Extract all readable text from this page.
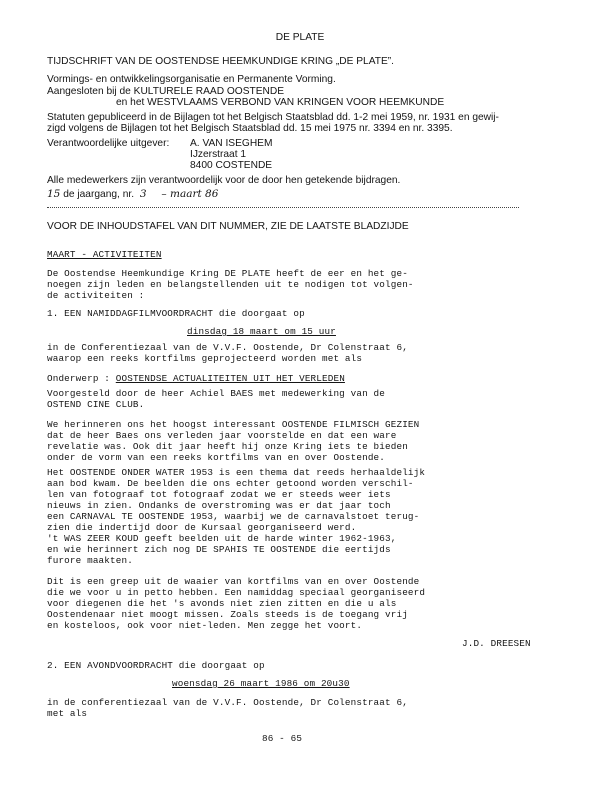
DE PLATE
TIJDSCHRIFT VAN DE OOSTENDSE HEEMKUNDIGE KRING „DE PLATE”.
Vormings- en ontwikkelingsorganisatie en Permanente Vorming.
Aangesloten bij de KULTURELE RAAD OOSTENDE
en het WESTVLAAMS VERBOND VAN KRINGEN VOOR HEEMKUNDE
Statuten gepubliceerd in de Bijlagen tot het Belgisch Staatsblad dd. 1-2 mei 1959, nr. 1931 en gewij-
zigd volgens de Bijlagen tot het Belgisch Staatsblad dd. 15 mei 1975 nr. 3394 en nr. 3395.
Verantwoordelijke uitgever: A. VAN ISEGHEM
IJzerstraat 1
8400 COSTENDE
Alle medewerkers zijn verantwoordelijk voor de door hen getekende bijdragen.
15 de jaargang, nr. 3 – maart 86
VOOR DE INHOUDSTAFEL VAN DIT NUMMER, ZIE DE LAATSTE BLADZIJDE
MAART - ACTIVITEITEN
De Oostendse Heemkundige Kring DE PLATE heeft de eer en het ge-
noegen zijn leden en belangstellenden uit te nodigen tot volgen-
de activiteiten :
1. EEN NAMIDDAGFILMVOORDRACHT die doorgaat op
dinsdag 18 maart om 15 uur
in de Conferentiezaal van de V.V.F. Oostende, Dr Colenstraat 6,
waarop een reeks kortfilms geprojecteerd worden met als
Onderwerp : OOSTENDSE ACTUALITEITEN UIT HET VERLEDEN
Voorgesteld door de heer Achiel BAES met medewerking van de
OSTEND CINE CLUB.
We herinneren ons het hoogst interessant OOSTENDE FILMISCH GEZIEN
dat de heer Baes ons verleden jaar voorstelde en dat een ware
revelatie was. Ook dit jaar heeft hij onze Kring iets te bieden
onder de vorm van een reeks kortfilms van en over Oostende.
Het OOSTENDE ONDER WATER 1953 is een thema dat reeds herhaaldelijk
aan bod kwam. De beelden die ons echter getoond worden verschil-
len van fotograaf tot fotograaf zodat we er steeds weer iets
nieuws in zien. Ondanks de overstroming was er dat jaar toch
een CARNAVAL TE OOSTENDE 1953, waarbij we de carnavalstoet terug-
zien die indertijd door de Kursaal georganiseerd werd.
't WAS ZEER KOUD geeft beelden uit de harde winter 1962-1963,
en wie herinnert zich nog DE SPAHIS TE OOSTENDE die eertijds
furore maakten.
Dit is een greep uit de waaier van kortfilms van en over Oostende
die we voor u in petto hebben. Een namiddag speciaal georganiseerd
voor diegenen die het 's avonds niet zien zitten en die u als
Oostendenaar niet moogt missen. Zoals steeds is de toegang vrij
en kosteloos, ook voor niet-leden. Men zegge het voort.
J.D. DREESEN
2. EEN AVONDVOORDRACHT die doorgaat op
woensdag 26 maart 1986 om 20u30
in de conferentiezaal van de V.V.F. Oostende, Dr Colenstraat 6,
met als
86 - 65
